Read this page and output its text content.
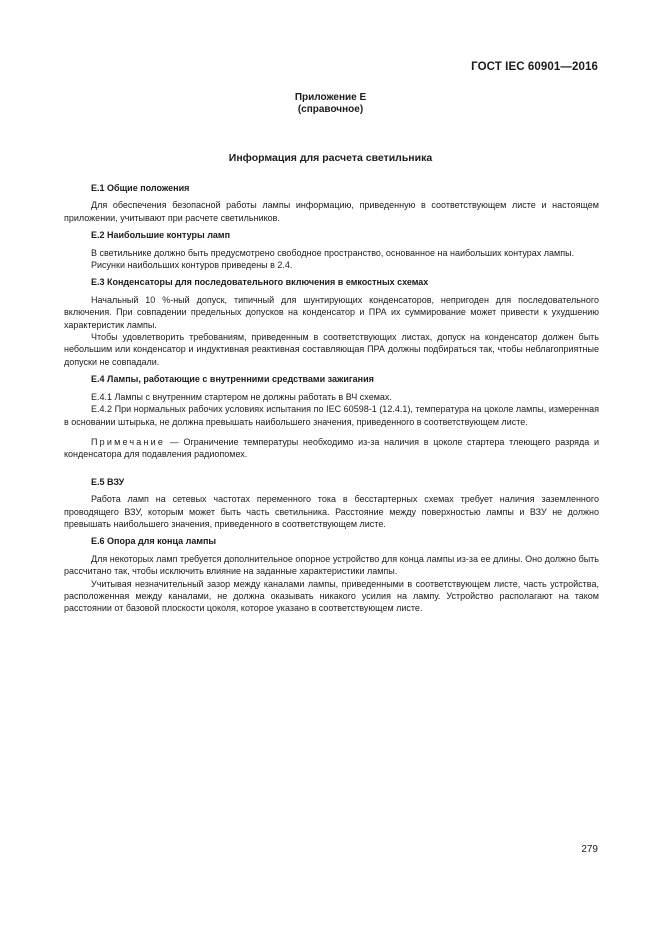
ГОСТ IEC 60901—2016
Приложение Е
(справочное)
Информация для расчета светильника
Е.1 Общие положения

Для обеспечения безопасной работы лампы информацию, приведенную в соответствующем листе и настоящем приложении, учитывают при расчете светильников.

Е.2 Наибольшие контуры ламп

В светильнике должно быть предусмотрено свободное пространство, основанное на наибольших контурах лампы.

Рисунки наибольших контуров приведены в 2.4.

Е.3 Конденсаторы для последовательного включения в емкостных схемах

Начальный 10 %-ный допуск, типичный для шунтирующих конденсаторов, непригоден для последовательного включения. При совпадении предельных допусков на конденсатор и ПРА их суммирование может привести к ухудшению характеристик лампы.

Чтобы удовлетворить требованиям, приведенным в соответствующих листах, допуск на конденсатор должен быть небольшим или конденсатор и индуктивная реактивная составляющая ПРА должны подбираться так, чтобы неблагоприятные допуски не совпадали.

Е.4 Лампы, работающие с внутренними средствами зажигания

Е.4.1 Лампы с внутренним стартером не должны работать в ВЧ схемах.

Е.4.2 При нормальных рабочих условиях испытания по IEC 60598-1 (12.4.1), температура на цоколе лампы, измеренная в основании штырька, не должна превышать наибольшего значения, приведенного в соответствующем листе.

Примечание — Ограничение температуры необходимо из-за наличия в цоколе стартера тлеющего разряда и конденсатора для подавления радиопомех.

Е.5 ВЗУ

Работа ламп на сетевых частотах переменного тока в бесстартерных схемах требует наличия заземленного проводящего ВЗУ, которым может быть часть светильника. Расстояние между поверхностью лампы и ВЗУ не должно превышать наибольшего значения, приведенного в соответствующем листе.

Е.6 Опора для конца лампы

Для некоторых ламп требуется дополнительное опорное устройство для конца лампы из-за ее длины. Оно должно быть рассчитано так, чтобы исключить влияние на заданные характеристики лампы.

Учитывая незначительный зазор между каналами лампы, приведенными в соответствующем листе, часть устройства, расположенная между каналами, не должна оказывать никакого усилия на лампу. Устройство располагают на таком расстоянии от базовой плоскости цоколя, которое указано в соответствующем листе.

279
